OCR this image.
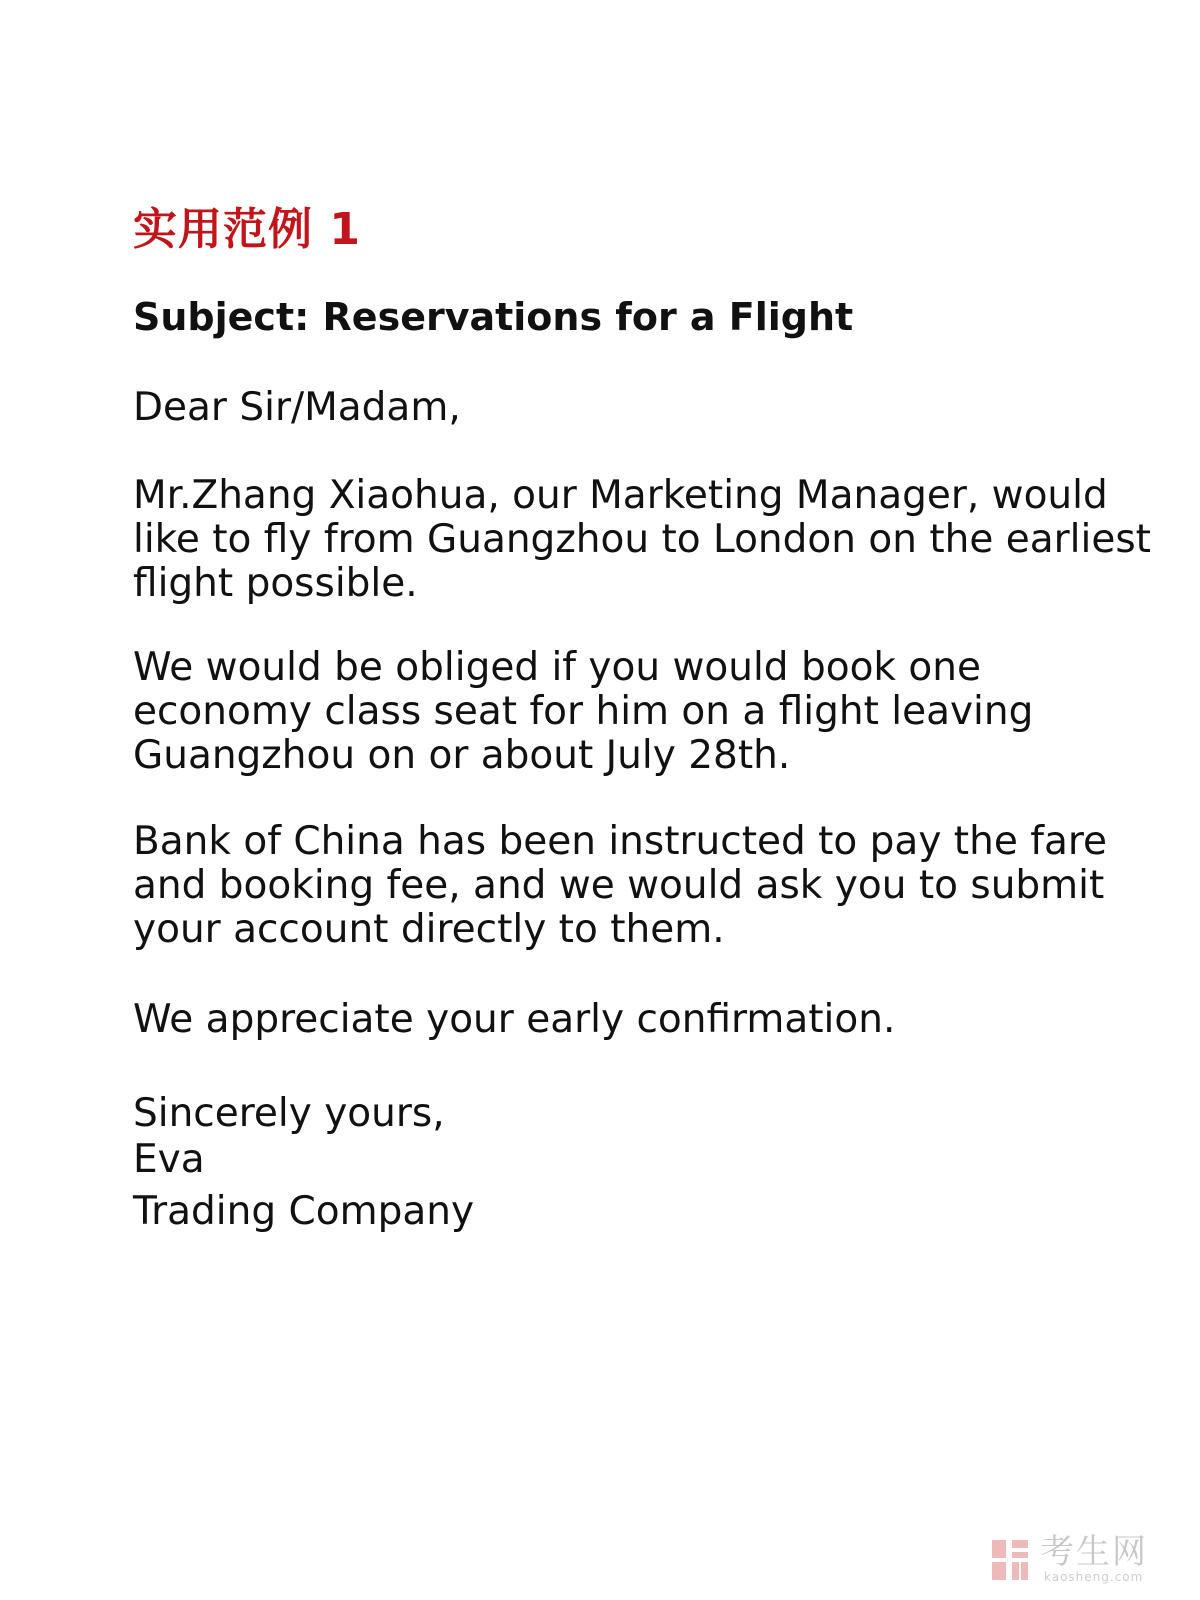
实用范例 1
Subject: Reservations for a Flight

Dear Sir/Madam,

Mr.Zhang Xiaohua, our Marketing Manager, would like to fly from Guangzhou to London on the earliest flight possible.

We would be obliged if you would book one economy class seat for him on a flight leaving Guangzhou on or about July 28th.

Bank of China has been instructed to pay the fare and booking fee, and we would ask you to submit your account directly to them.

We appreciate your early confirmation.

Sincerely yours,

Eva

Trading Company

考生网
kaosheng.com
